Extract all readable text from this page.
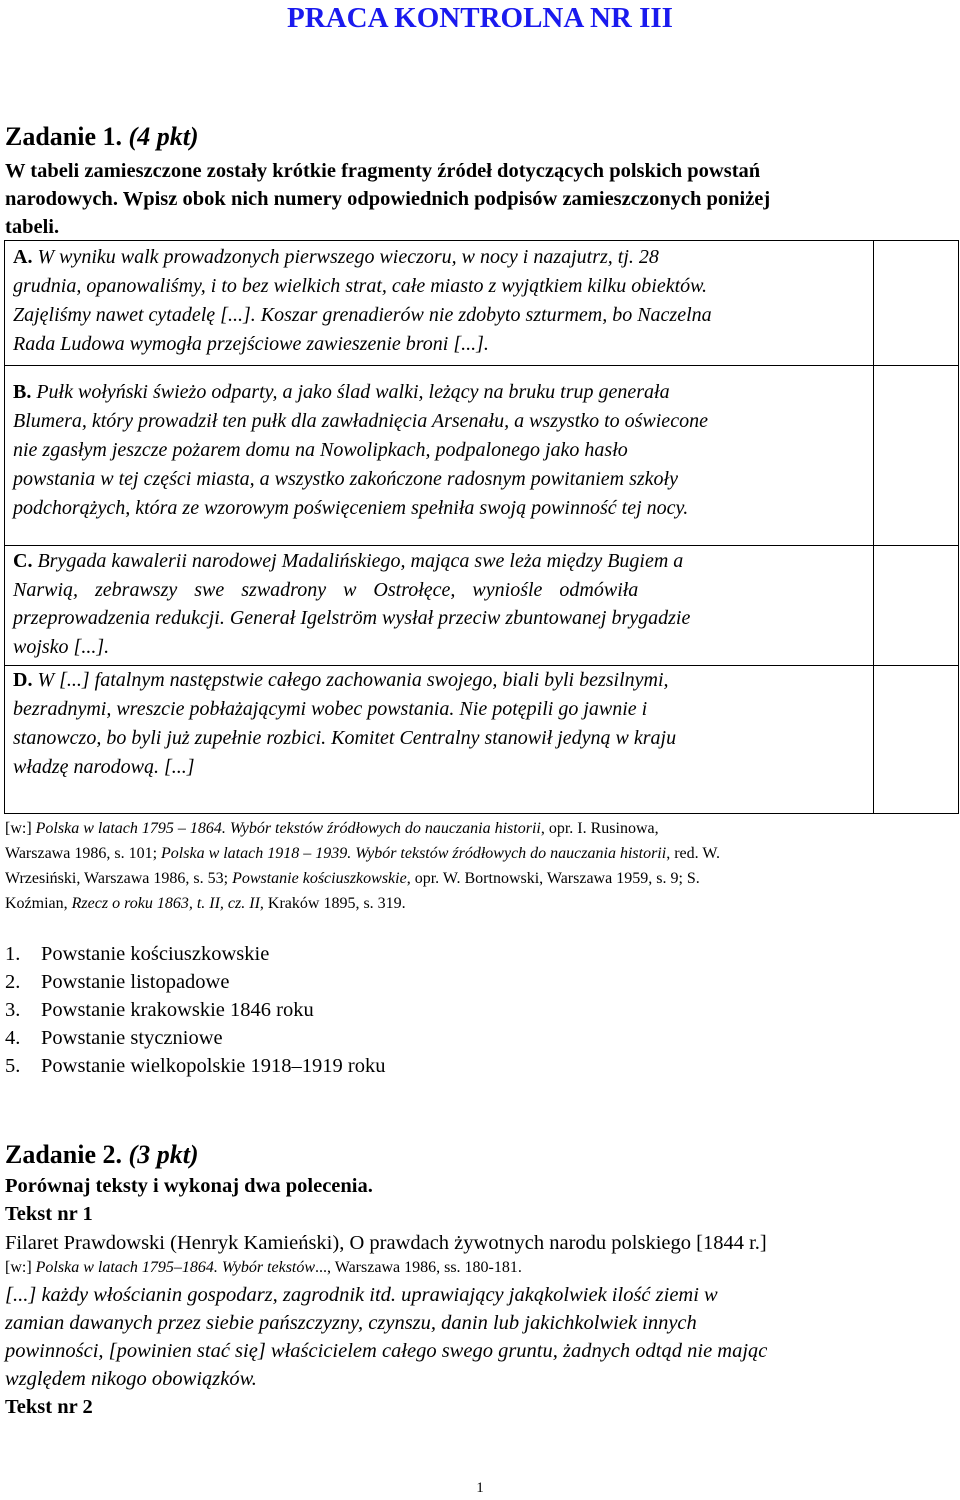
PRACA KONTROLNA NR III
Zadanie 1. (4 pkt)
W tabeli zamieszczone zostały krótkie fragmenty źródeł dotyczących polskich powstań
narodowych. Wpisz obok nich numery odpowiednich podpisów zamieszczonych poniżej
tabeli.
A. W wyniku walk prowadzonych pierwszego wieczoru, w nocy i nazajutrz, tj. 28
grudnia, opanowaliśmy, i to bez wielkich strat, całe miasto z wyjątkiem kilku obiektów.
Zajęliśmy nawet cytadelę [...]. Koszar grenadierów nie zdobyto szturmem, bo Naczelna
Rada Ludowa wymogła przejściowe zawieszenie broni [...].	

B. Pułk wołyński świeżo odparty, a jako ślad walki, leżący na bruku trup generała
Blumera, który prowadził ten pułk dla zawładnięcia Arsenału, a wszystko to oświecone
nie zgasłym jeszcze pożarem domu na Nowolipkach, podpalonego jako hasło
powstania w tej części miasta, a wszystko zakończone radosnym powitaniem szkoły
podchorążych, która ze wzorowym poświęceniem spełniła swoją powinność tej nocy.	

C. Brygada kawalerii narodowej Madalińskiego, mająca swe leża między Bugiem a
Narwią, zebrawszy swe szwadrony w Ostrołęce, wyniośle odmówiła
przeprowadzenia redukcji. Generał Igelström wysłał przeciw zbuntowanej brygadzie
wojsko [...].	

D. W [...] fatalnym następstwie całego zachowania swojego, biali byli bezsilnymi,
bezradnymi, wreszcie pobłażającymi wobec powstania. Nie potępili go jawnie i
stanowczo, bo byli już zupełnie rozbici. Komitet Centralny stanowił jedyną w kraju
władzę narodową. [...]	

[w:] Polska w latach 1795 – 1864. Wybór tekstów źródłowych do nauczania historii, opr. I. Rusinowa,
Warszawa 1986, s. 101; Polska w latach 1918 – 1939. Wybór tekstów źródłowych do nauczania historii, red. W.
Wrzesiński, Warszawa 1986, s. 53; Powstanie kościuszkowskie, opr. W. Bortnowski, Warszawa 1959, s. 9; S.
Koźmian, Rzecz o roku 1863, t. II, cz. II, Kraków 1895, s. 319.
1. Powstanie kościuszkowskie
2. Powstanie listopadowe
3. Powstanie krakowskie 1846 roku
4. Powstanie styczniowe
5. Powstanie wielkopolskie 1918–1919 roku
Zadanie 2. (3 pkt)
Porównaj teksty i wykonaj dwa polecenia.
Tekst nr 1
Filaret Prawdowski (Henryk Kamieński), O prawdach żywotnych narodu polskiego [1844 r.]
[w:] Polska w latach 1795–1864. Wybór tekstów..., Warszawa 1986, ss. 180-181.
[...] każdy włościanin gospodarz, zagrodnik itd. uprawiający jakąkolwiek ilość ziemi w
zamian dawanych przez siebie pańszczyzny, czynszu, danin lub jakichkolwiek innych
powinności, [powinien stać się] właścicielem całego swego gruntu, żadnych odtąd nie mając
względem nikogo obowiązków.
Tekst nr 2
1
